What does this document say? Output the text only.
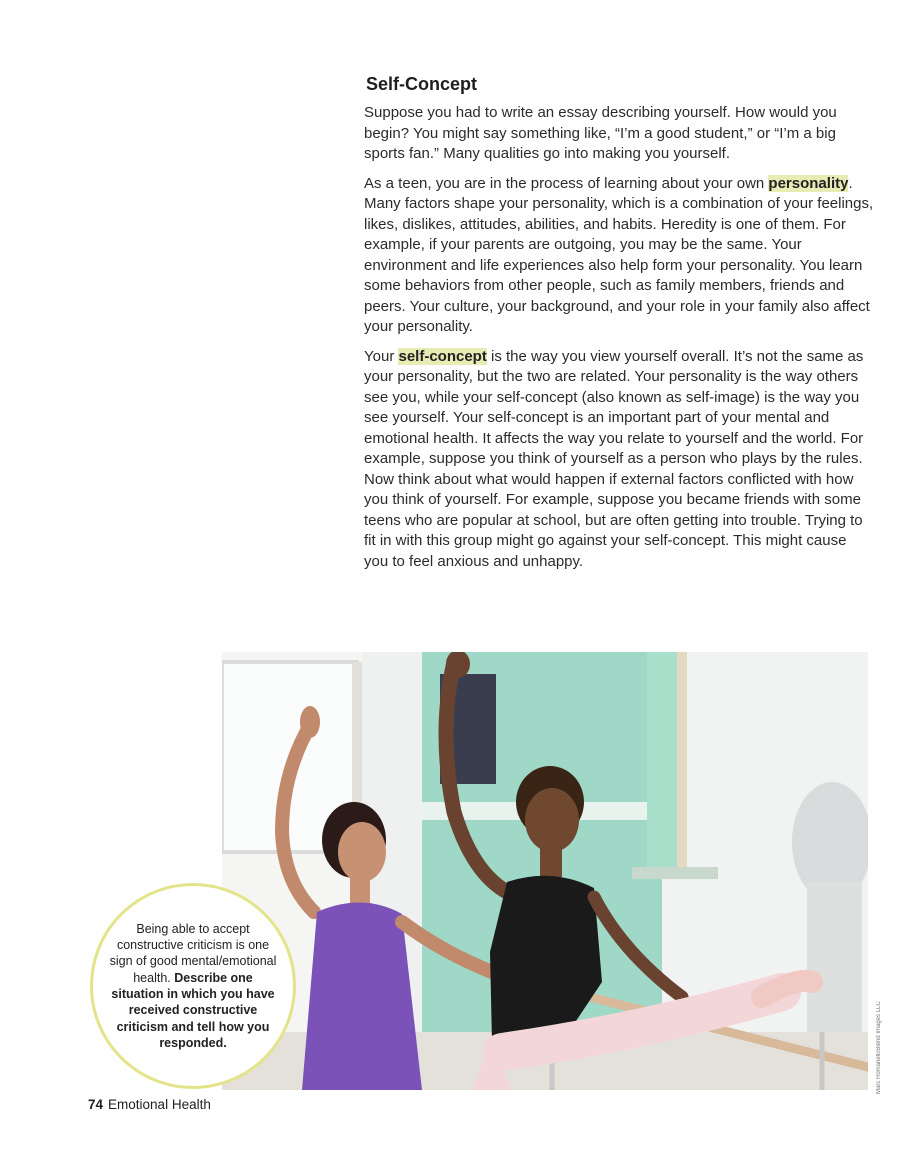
Self-Concept

Suppose you had to write an essay describing yourself. How would you begin? You might say something like, “I’m a good student,” or “I’m a big sports fan.” Many qualities go into making you yourself.

As a teen, you are in the process of learning about your own personality. Many factors shape your personality, which is a combination of your feelings, likes, dislikes, attitudes, abilities, and habits. Heredity is one of them. For example, if your parents are outgoing, you may be the same. Your environment and life experiences also help form your personality. You learn some behaviors from other people, such as family members, friends and peers. Your culture, your background, and your role in your family also affect your personality.

Your self-concept is the way you view yourself overall. It’s not the same as your personality, but the two are related. Your personality is the way others see you, while your self-concept (also known as self-image) is the way you see yourself. Your self-concept is an important part of your mental and emotional health. It affects the way you relate to yourself and the world. For example, suppose you think of yourself as a person who plays by the rules. Now think about what would happen if external factors conflicted with how you think of yourself. For example, suppose you became friends with some teens who are popular at school, but are often getting into trouble. Trying to fit in with this group might go against your self-concept. This might cause you to feel anxious and unhappy.

Being able to accept constructive criticism is one sign of good mental/emotional health. Describe one situation in which you have received constructive criticism and tell how you responded.
74 Emotional Health
Marc Romanelli/Blend Images LLC
